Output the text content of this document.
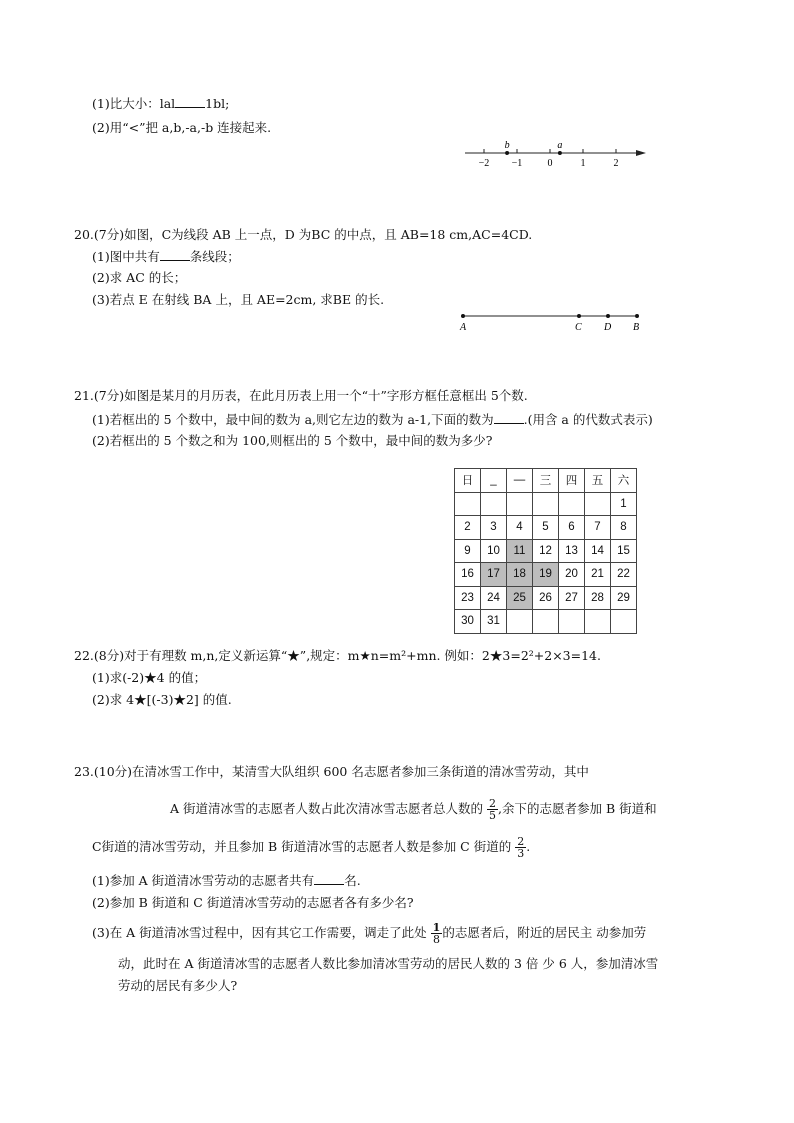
(1)比大小：lal 1bl;
(2)用“<”把 a,b,-a,-b 连接起来.
−2 −1	0	1	2
b	a
20.(7分)如图，C为线段 AB 上一点，D 为BC 的中点，且 AB=18 cm,AC=4CD.
(1)图中共有 条线段；
(2)求 AC 的长；
(3)若点 E 在射线 BA 上，且 AE=2cm, 求BE 的长.
A	C D B
21.(7分)如图是某月的月历表，在此月历表上用一个“十”字形方框任意框出 5个数.
(1)若框出的 5 个数中，最中间的数为 a,则它左边的数为 a-1,下面的数为 .(用含 a 的代数式表示)
(2)若框出的 5 个数之和为 100,则框出的 5 个数中，最中间的数为多少?
日	_	—	三	四	五	六
						1
2	3	4	5	6	7	8
9	10	11	12	13	14	15
16	17	18	19	20	21	22
23	24	25	26	27	28	29
30	31					
22.(8分)对于有理数 m,n,定义新运算“★”,规定：m★n=m²+mn. 例如：2★3=2²+2×3=14.
(1)求(-2)★4 的值；
(2)求 4★[(-3)★2] 的值.
23.(10分)在清冰雪工作中，某清雪大队组织 600 名志愿者参加三条街道的清冰雪劳动，其中
A 街道清冰雪的志愿者人数占此次清冰雪志愿者总人数的 $\frac{2}{5}$ ,余下的志愿者参加 B 街道和
C街道的清冰雪劳动，并且参加 B 街道清冰雪的志愿者人数是参加 C 街道的 $\frac{2}{3}$ .
(1)参加 A 街道清冰雪劳动的志愿者共有 名.
(2)参加 B 街道和 C 街道清冰雪劳动的志愿者各有多少名?
(3)在 A 街道清冰雪过程中，因有其它工作需要，调走了此处 $\frac{1}{8}$ 的志愿者后，附近的居民主 动参加劳
动，此时在 A 街道清冰雪的志愿者人数比参加清冰雪劳动的居民人数的 3 倍 少 6 人，参加清冰雪
劳动的居民有多少人?
